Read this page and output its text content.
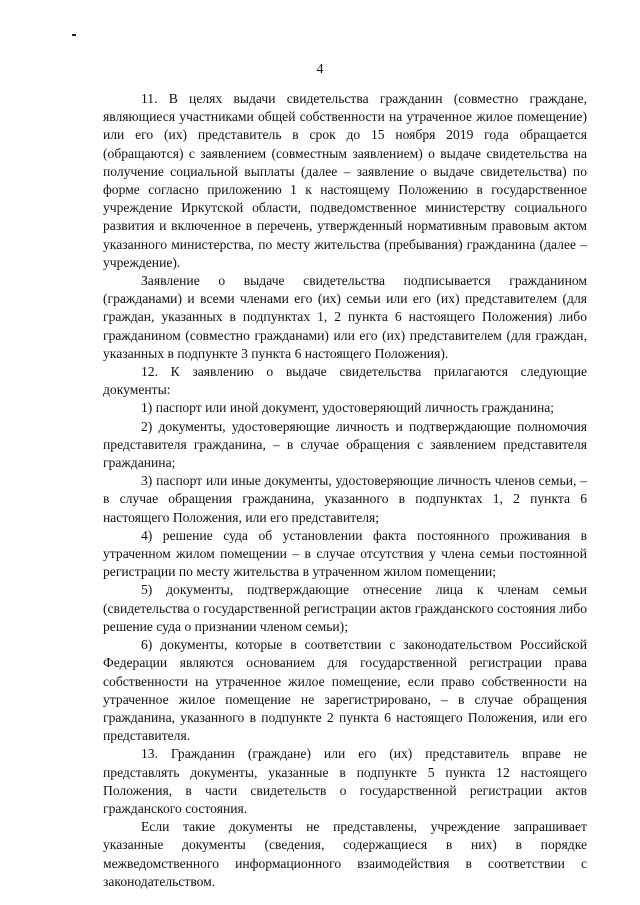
4

11. В целях выдачи свидетельства гражданин (совместно граждане, являющиеся участниками общей собственности на утраченное жилое помещение) или его (их) представитель в срок до 15 ноября 2019 года обращается (обращаются) с заявлением (совместным заявлением) о выдаче свидетельства на получение социальной выплаты (далее – заявление о выдаче свидетельства) по форме согласно приложению 1 к настоящему Положению в государственное учреждение Иркутской области, подведомственное министерству социального развития и включенное в перечень, утвержденный нормативным правовым актом указанного министерства, по месту жительства (пребывания) гражданина (далее – учреждение).

Заявление о выдаче свидетельства подписывается гражданином (гражданами) и всеми членами его (их) семьи или его (их) представителем (для граждан, указанных в подпунктах 1, 2 пункта 6 настоящего Положения) либо гражданином (совместно гражданами) или его (их) представителем (для граждан, указанных в подпункте 3 пункта 6 настоящего Положения).

12. К заявлению о выдаче свидетельства прилагаются следующие документы:

1) паспорт или иной документ, удостоверяющий личность гражданина;

2) документы, удостоверяющие личность и подтверждающие полномочия представителя гражданина, – в случае обращения с заявлением представителя гражданина;

3) паспорт или иные документы, удостоверяющие личность членов семьи, – в случае обращения гражданина, указанного в подпунктах 1, 2 пункта 6 настоящего Положения, или его представителя;

4) решение суда об установлении факта постоянного проживания в утраченном жилом помещении – в случае отсутствия у члена семьи постоянной регистрации по месту жительства в утраченном жилом помещении;

5) документы, подтверждающие отнесение лица к членам семьи (свидетельства о государственной регистрации актов гражданского состояния либо решение суда о признании членом семьи);

6) документы, которые в соответствии с законодательством Российской Федерации являются основанием для государственной регистрации права собственности на утраченное жилое помещение, если право собственности на утраченное жилое помещение не зарегистрировано, – в случае обращения гражданина, указанного в подпункте 2 пункта 6 настоящего Положения, или его представителя.

13. Гражданин (граждане) или его (их) представитель вправе не представлять документы, указанные в подпункте 5 пункта 12 настоящего Положения, в части свидетельств о государственной регистрации актов гражданского состояния.

Если такие документы не представлены, учреждение запрашивает указанные документы (сведения, содержащиеся в них) в порядке межведомственного информационного взаимодействия в соответствии с законодательством.
